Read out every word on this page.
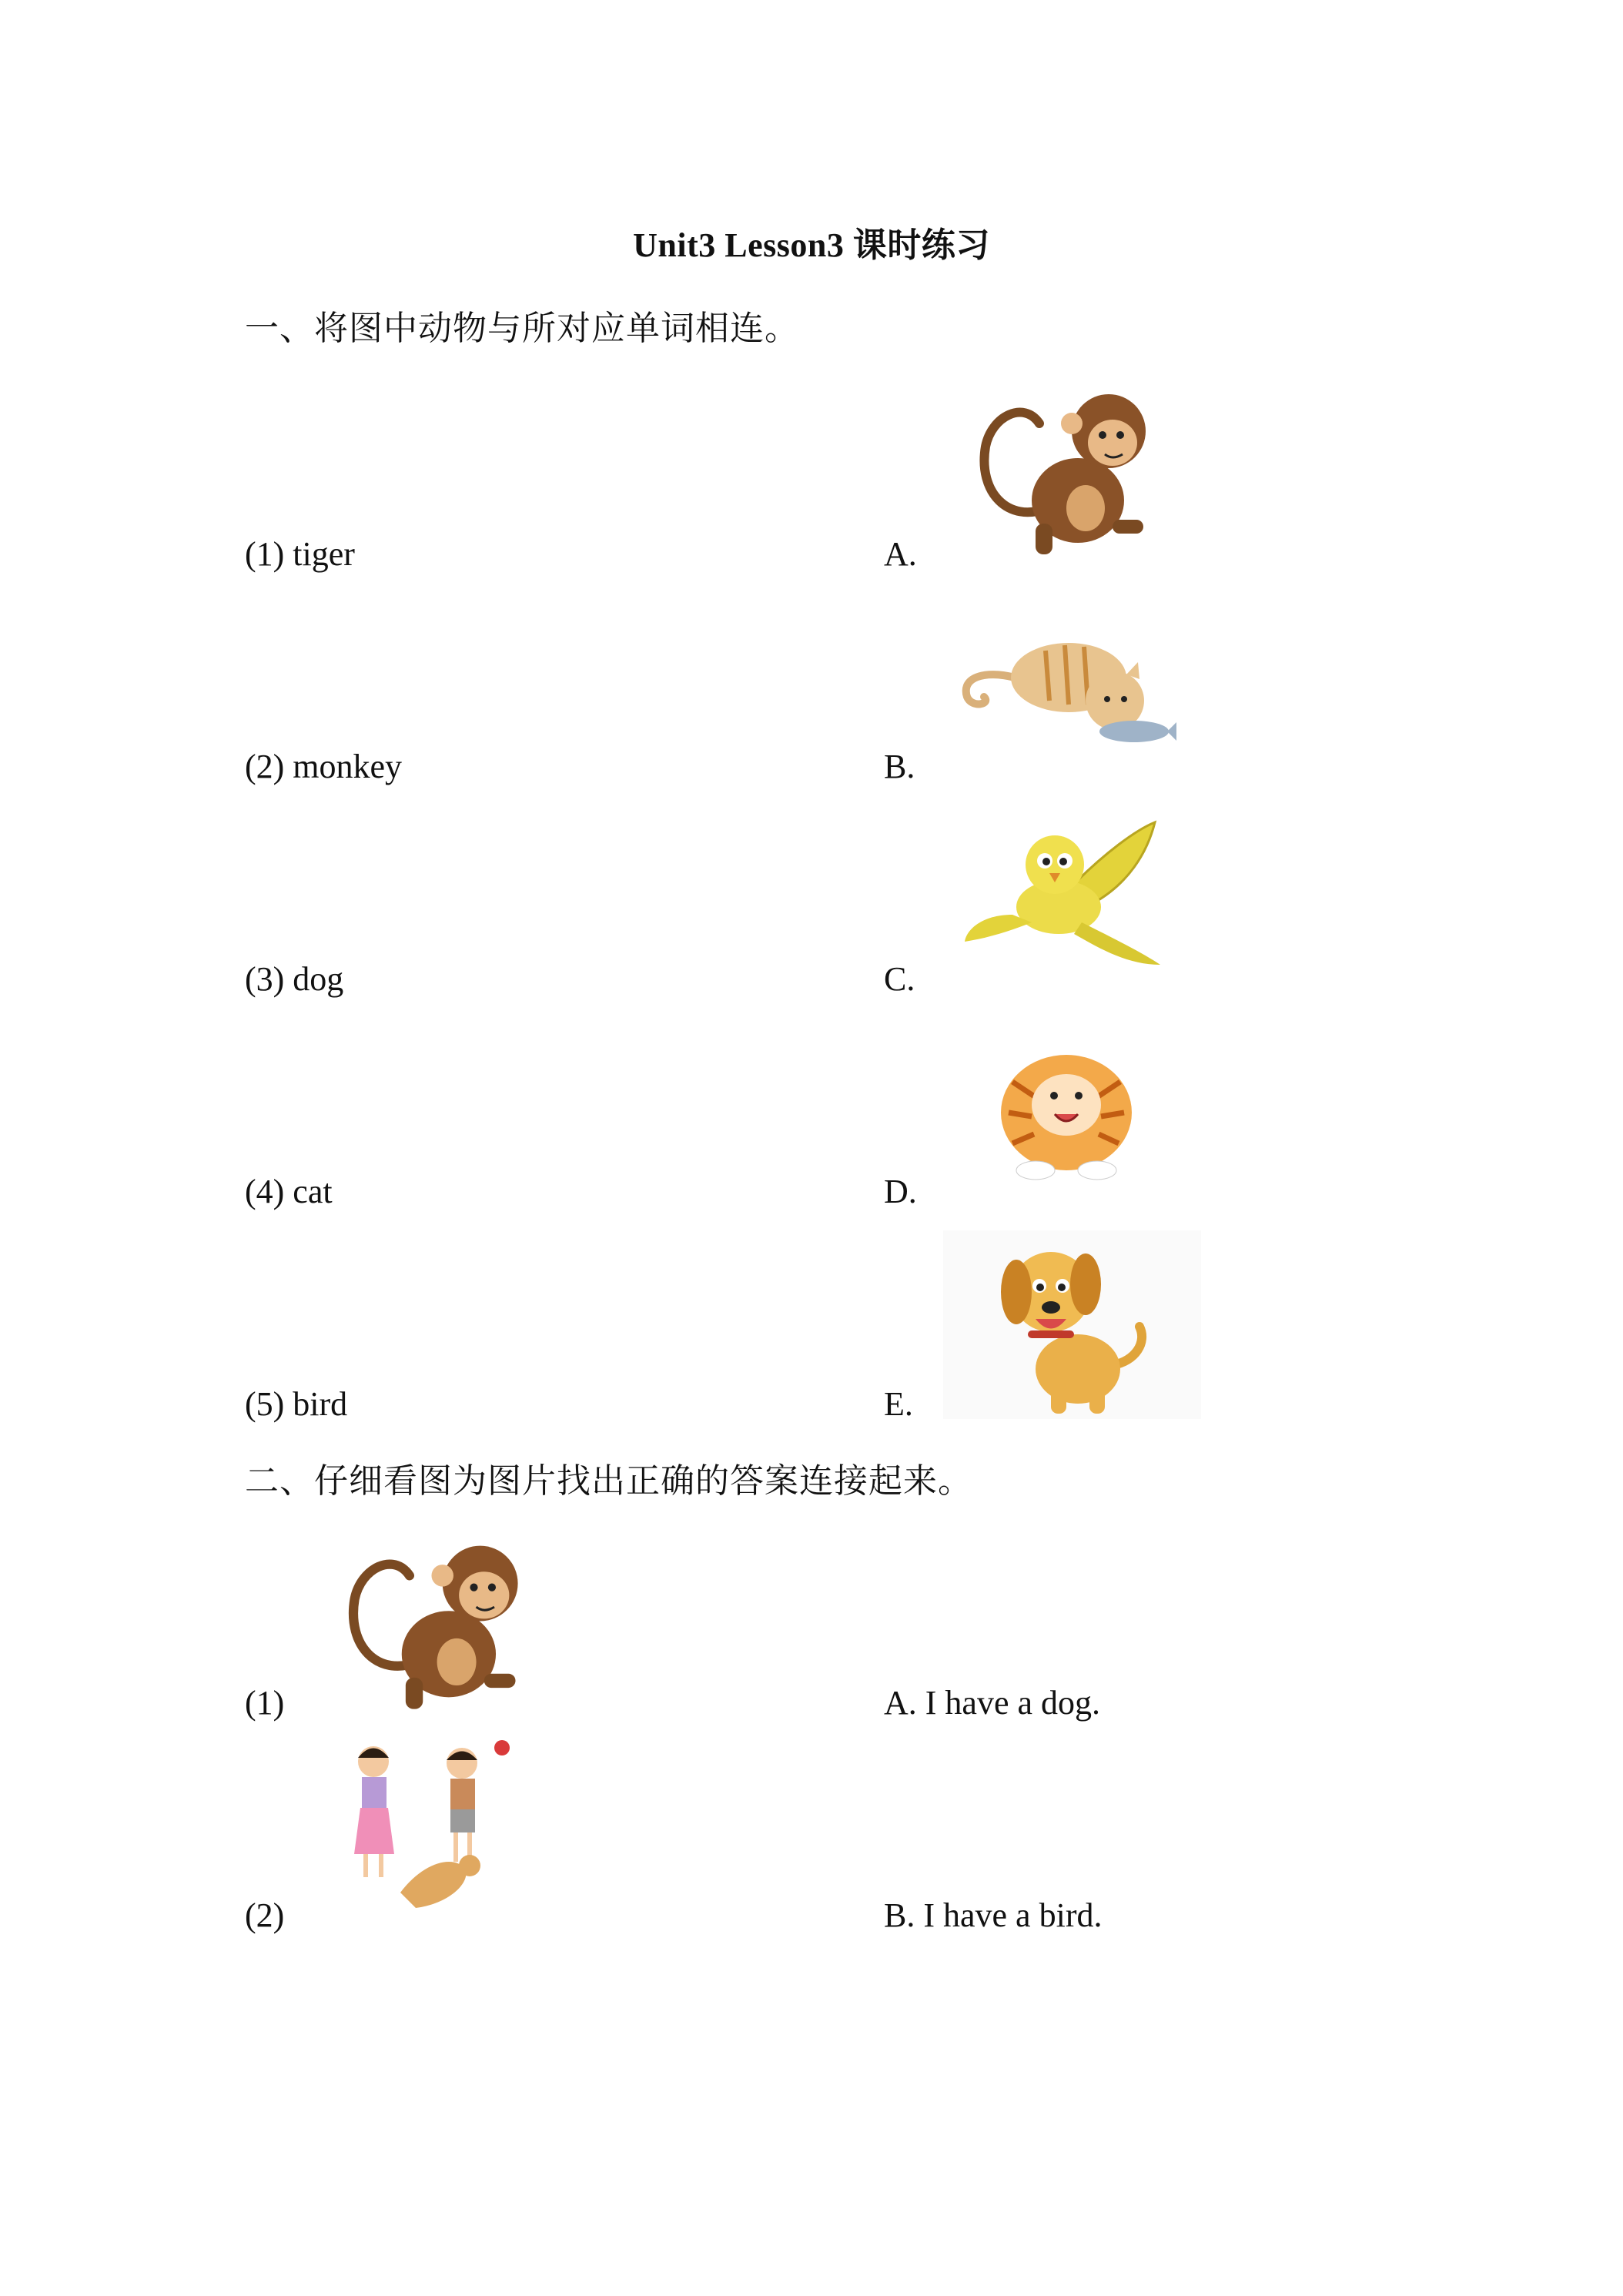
Unit3 Lesson3 课时练习
一、将图中动物与所对应单词相连。
(1) tiger
(2) monkey
(3) dog
(4) cat
(5) bird
A.
B.
C.
D.
E.
二、仔细看图为图片找出正确的答案连接起来。
(1)
(2)
A. I have a dog.
B. I have a bird.
